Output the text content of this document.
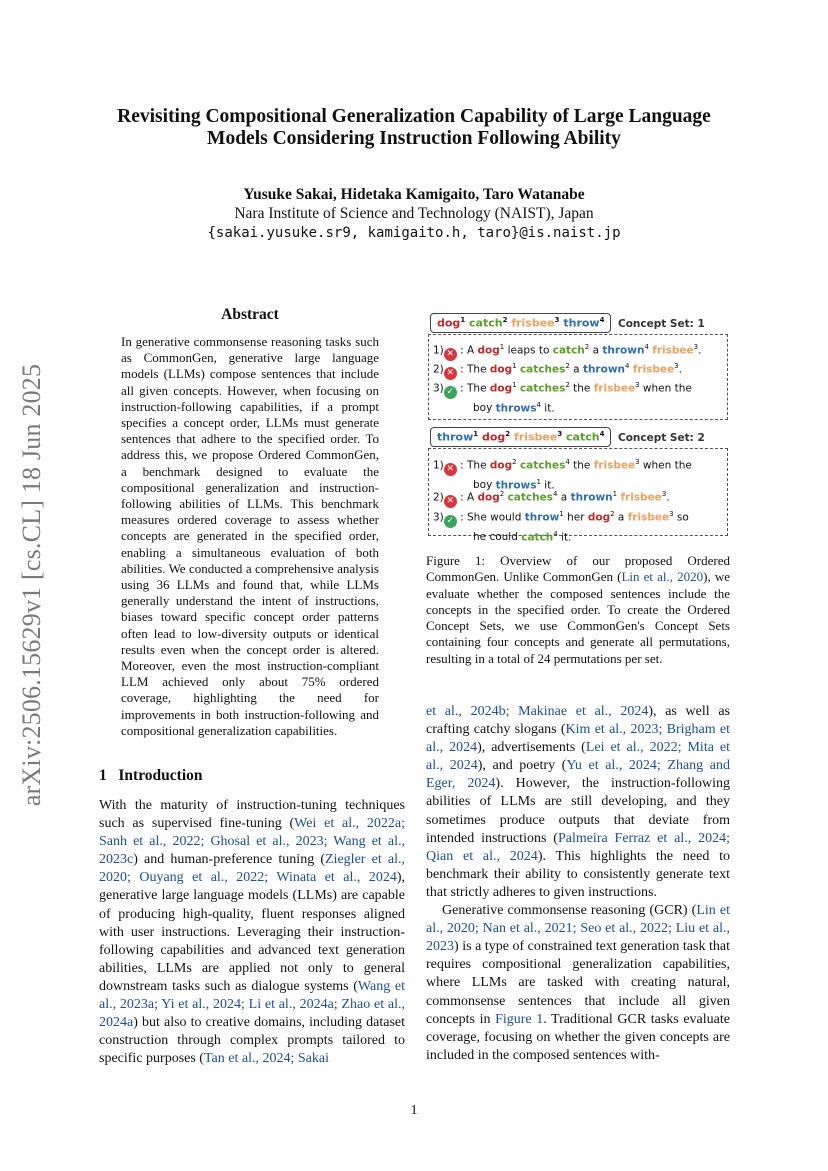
arXiv:2506.15629v1 [cs.CL] 18 Jun 2025
Revisiting Compositional Generalization Capability of Large Language
Models Considering Instruction Following Ability
Yusuke Sakai, Hidetaka Kamigaito, Taro Watanabe
Nara Institute of Science and Technology (NAIST), Japan
{sakai.yusuke.sr9, kamigaito.h, taro}@is.naist.jp
Abstract
In generative commonsense reasoning tasks such as CommonGen, generative large language models (LLMs) compose sentences that include all given concepts. However, when focusing on instruction-following capabilities, if a prompt specifies a concept order, LLMs must generate sentences that adhere to the specified order. To address this, we propose Ordered CommonGen, a benchmark designed to evaluate the compositional generalization and instruction-following abilities of LLMs. This benchmark measures ordered coverage to assess whether concepts are generated in the specified order, enabling a simultaneous evaluation of both abilities. We conducted a comprehensive analysis using 36 LLMs and found that, while LLMs generally understand the intent of instructions, biases toward specific concept order patterns often lead to low-diversity outputs or identical results even when the concept order is altered. Moreover, even the most instruction-compliant LLM achieved only about 75% ordered coverage, highlighting the need for improvements in both instruction-following and compositional generalization capabilities.
1 Introduction
With the maturity of instruction-tuning techniques such as supervised fine-tuning (Wei et al., 2022a; Sanh et al., 2022; Ghosal et al., 2023; Wang et al., 2023c) and human-preference tuning (Ziegler et al., 2020; Ouyang et al., 2022; Winata et al., 2024), generative large language models (LLMs) are capable of producing high-quality, fluent responses aligned with user instructions. Leveraging their instruction-following capabilities and advanced text generation abilities, LLMs are applied not only to general downstream tasks such as dialogue systems (Wang et al., 2023a; Yi et al., 2024; Li et al., 2024a; Zhao et al., 2024a) but also to creative domains, including dataset construction through complex prompts tailored to specific purposes (Tan et al., 2024; Sakai
dog$^1$ catch$^2$ frisbee$^3$ throw$^4$	Concept Set: 1
1) ✕ : A dog$^1$ leaps to catch$^2$ a thrown$^4$ frisbee$^3$.
2) ✕ : The dog$^1$ catches$^2$ a thrown$^4$ frisbee$^3$.
3) ✓ : The dog$^1$ catches$^2$ the frisbee$^3$ when the
boy throws$^4$ it.
throw$^1$ dog$^2$ frisbee$^3$ catch$^4$	Concept Set: 2
1) ✕ : The dog$^2$ catches$^4$ the frisbee$^3$ when the
boy throws$^1$ it.
2) ✕ : A dog$^2$ catches$^4$ a thrown$^1$ frisbee$^3$.
3) ✓ : She would throw$^1$ her dog$^2$ a frisbee$^3$ so
he could catch$^4$ it.
Figure 1: Overview of our proposed Ordered CommonGen. Unlike CommonGen (Lin et al., 2020), we evaluate whether the composed sentences include the concepts in the specified order. To create the Ordered Concept Sets, we use CommonGen's Concept Sets containing four concepts and generate all permutations, resulting in a total of 24 permutations per set.
et al., 2024b; Makinae et al., 2024), as well as crafting catchy slogans (Kim et al., 2023; Brigham et al., 2024), advertisements (Lei et al., 2022; Mita et al., 2024), and poetry (Yu et al., 2024; Zhang and Eger, 2024). However, the instruction-following abilities of LLMs are still developing, and they sometimes produce outputs that deviate from intended instructions (Palmeira Ferraz et al., 2024; Qian et al., 2024). This highlights the need to benchmark their ability to consistently generate text that strictly adheres to given instructions.
Generative commonsense reasoning (GCR) (Lin et al., 2020; Nan et al., 2021; Seo et al., 2022; Liu et al., 2023) is a type of constrained text generation task that requires compositional generalization capabilities, where LLMs are tasked with creating natural, commonsense sentences that include all given concepts in Figure 1. Traditional GCR tasks evaluate coverage, focusing on whether the given concepts are included in the composed sentences with-
1
